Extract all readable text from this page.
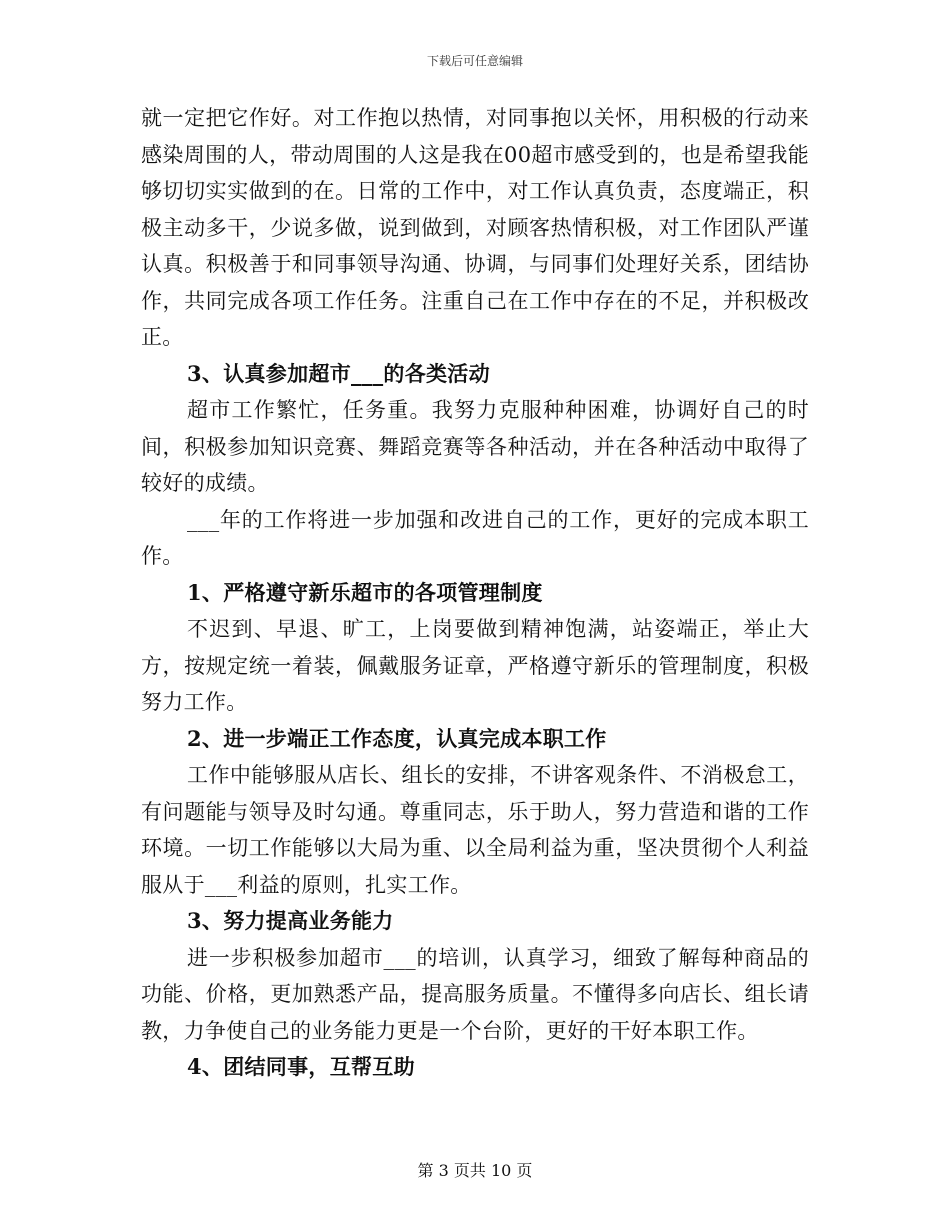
下载后可任意编辑

就一定把它作好。对工作抱以热情，对同事抱以关怀，用积极的行动来感染周围的人，带动周围的人这是我在00超市感受到的，也是希望我能够切切实实做到的在。日常的工作中，对工作认真负责，态度端正，积极主动多干，少说多做，说到做到，对顾客热情积极，对工作团队严谨认真。积极善于和同事领导沟通、协调，与同事们处理好关系，团结协作，共同完成各项工作任务。注重自己在工作中存在的不足，并积极改正。

3、认真参加超市___的各类活动

超市工作繁忙，任务重。我努力克服种种困难，协调好自己的时间，积极参加知识竞赛、舞蹈竞赛等各种活动，并在各种活动中取得了较好的成绩。

___年的工作将进一步加强和改进自己的工作，更好的完成本职工作。

1、严格遵守新乐超市的各项管理制度

不迟到、早退、旷工，上岗要做到精神饱满，站姿端正，举止大方，按规定统一着装，佩戴服务证章，严格遵守新乐的管理制度，积极努力工作。

2、进一步端正工作态度，认真完成本职工作

工作中能够服从店长、组长的安排，不讲客观条件、不消极怠工，有问题能与领导及时勾通。尊重同志，乐于助人，努力营造和谐的工作环境。一切工作能够以大局为重、以全局利益为重，坚决贯彻个人利益服从于___利益的原则，扎实工作。

3、努力提高业务能力

进一步积极参加超市___的培训，认真学习，细致了解每种商品的功能、价格，更加熟悉产品，提高服务质量。不懂得多向店长、组长请教，力争使自己的业务能力更是一个台阶，更好的干好本职工作。

4、团结同事，互帮互助

第 3 页共 10 页
